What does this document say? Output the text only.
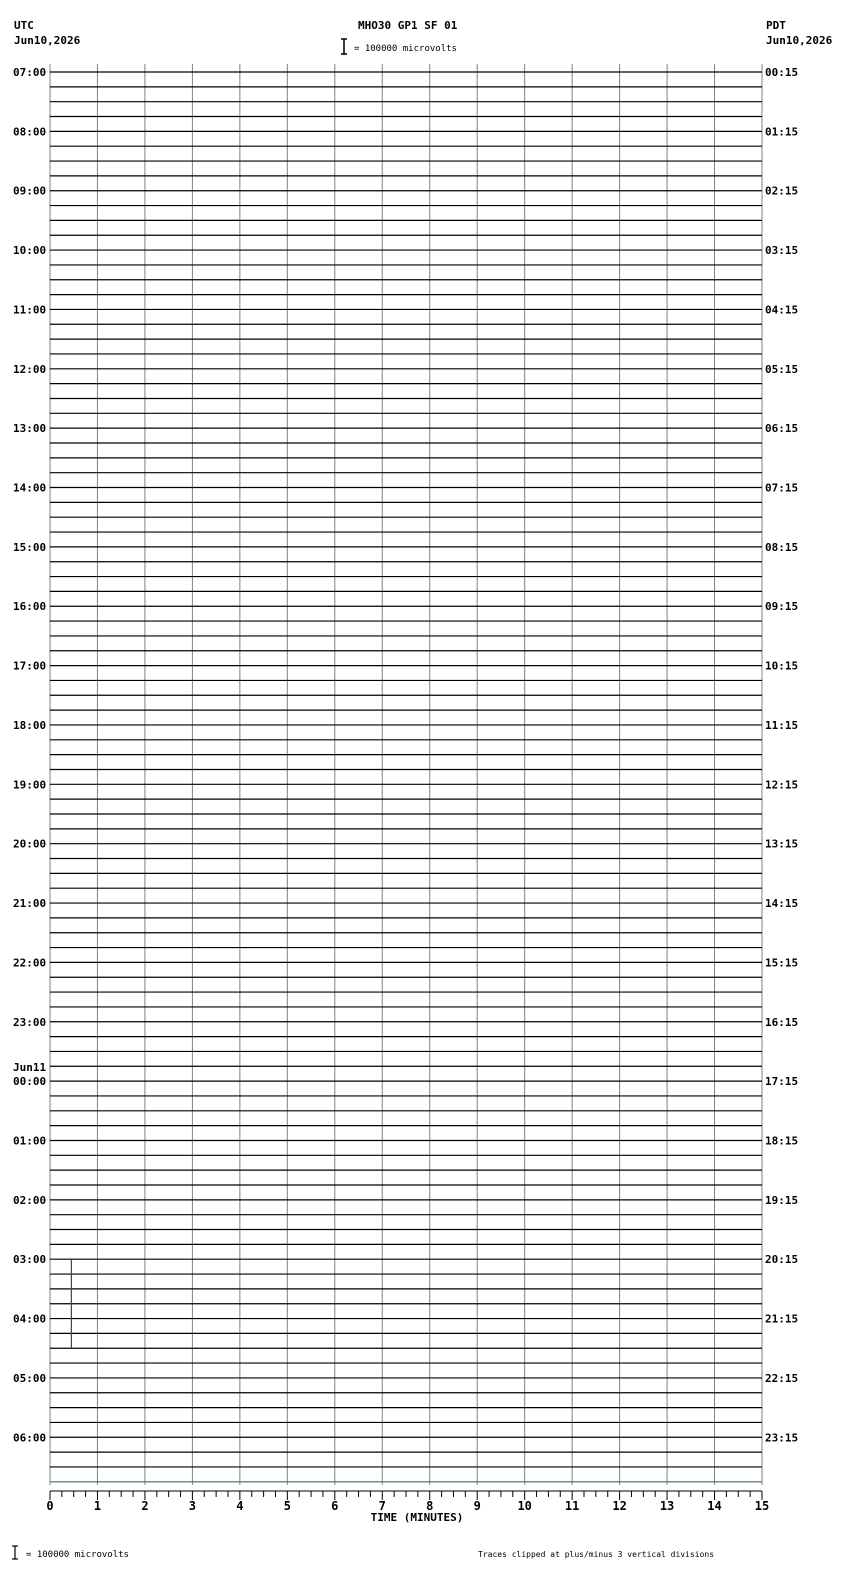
UTC
Jun10,2026
MHO30 GP1 SF 01
= 100000 microvolts
PDT
Jun10,2026
0	1	2	3	4	5	6	7	8	9	10	11	12	13	14	15
TIME (MINUTES)
07:00
08:00
09:00
10:00
11:00
12:00
13:00
14:00
15:00
16:00
17:00
18:00
19:00
20:00
21:00
22:00
23:00
00:00
Jun11
01:00
02:00
03:00
04:00
05:00
06:00
00:15
01:15
02:15
03:15
04:15
05:15
06:15
07:15
08:15
09:15
10:15
11:15
12:15
13:15
14:15
15:15
16:15
17:15
18:15
19:15
20:15
21:15
22:15
23:15
= 100000 microvolts	Traces clipped at plus/minus 3 vertical divisions
